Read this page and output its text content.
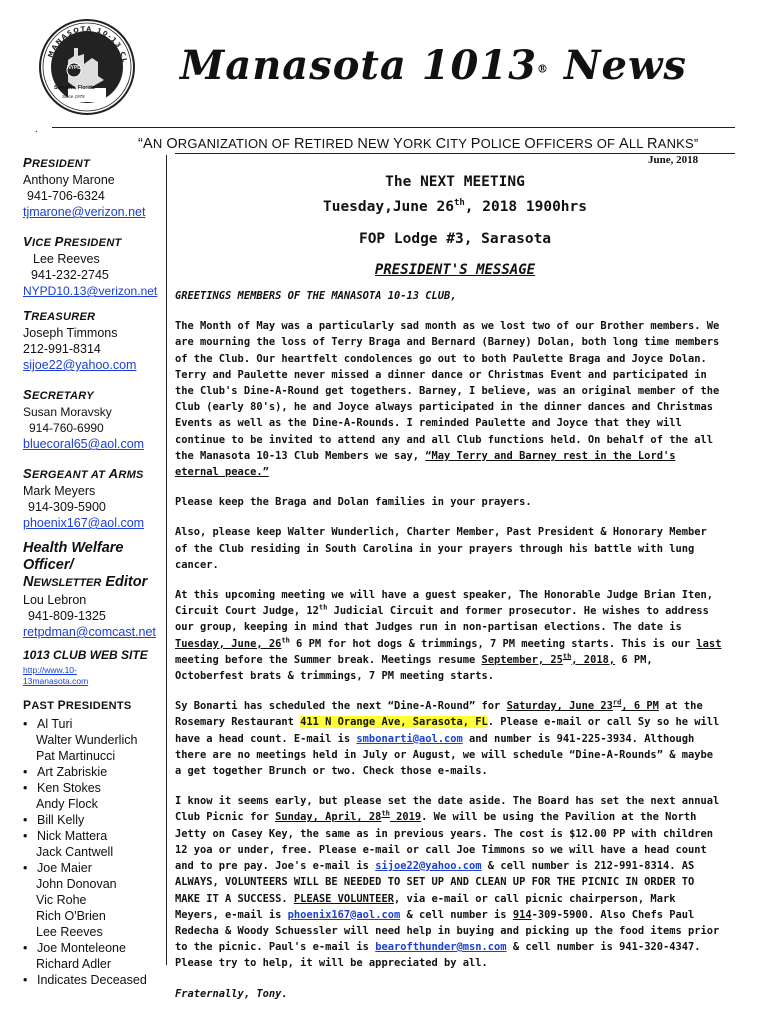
MANASOTA 10-13 CL
NYPD
Sarasota, Florida
Since 1979
Manasota 1013® News
.
“AN ORGANIZATION OF RETIRED NEW YORK CITY POLICE OFFICERS OF ALL RANKS”
June, 2018
PRESIDENT
Anthony Marone
941-706-6324
tjmarone@verizon.net
VICE PRESIDENT
Lee Reeves
941-232-2745
NYPD10.13@verizon.net
TREASURER
Joseph Timmons
212-991-8314
sijoe22@yahoo.com
SECRETARY
Susan Moravsky
914-760-6990
bluecoral65@aol.com
SERGEANT AT ARMS
Mark Meyers
914-309-5900
phoenix167@aol.com
Health Welfare
Officer/
NEWSLETTER Editor
Lou Lebron
941-809-1325
retpdman@comcast.net
1013 CLUB WEB SITE
http://www.10-
13manasota.com
PAST PRESIDENTS
• Al Turi
Walter Wunderlich
Pat Martinucci
• Art Zabriskie
• Ken Stokes
Andy Flock
• Bill Kelly
• Nick Mattera
Jack Cantwell
• Joe Maier
John Donovan
Vic Rohe
Rich O'Brien
Lee Reeves
• Joe Monteleone
Richard Adler
• Indicates Deceased
The NEXT MEETING
Tuesday,June 26th, 2018 1900hrs
FOP Lodge #3, Sarasota
PRESIDENT'S MESSAGE

GREETINGS MEMBERS OF THE MANASOTA 10-13 CLUB,

The Month of May was a particularly sad month as we lost two of our Brother members. We are mourning the loss of Terry Braga and Bernard (Barney) Dolan, both long time members of the Club. Our heartfelt condolences go out to both Paulette Braga and Joyce Dolan. Terry and Paulette never missed a dinner dance or Christmas Event and participated in the Club's Dine-A-Round get togethers. Barney, I believe, was an original member of the Club (early 80's), he and Joyce always participated in the dinner dances and Christmas Events as well as the Dine-A-Rounds. I reminded Paulette and Joyce that they will continue to be invited to attend any and all Club functions held. On behalf of the all the Manasota 10-13 Club Members we say, “May Terry and Barney rest in the Lord's eternal peace.”

Please keep the Braga and Dolan families in your prayers.

Also, please keep Walter Wunderlich, Charter Member, Past President & Honorary Member of the Club residing in South Carolina in your prayers through his battle with lung cancer.

At this upcoming meeting we will have a guest speaker, The Honorable Judge Brian Iten, Circuit Court Judge, 12th Judicial Circuit and former prosecutor. He wishes to address our group, keeping in mind that Judges run in non-partisan elections. The date is Tuesday, June, 26th 6 PM for hot dogs & trimmings, 7 PM meeting starts. This is our last meeting before the Summer break. Meetings resume September, 25th, 2018, 6 PM, Octoberfest brats & trimmings, 7 PM meeting starts.

Sy Bonarti has scheduled the next “Dine-A-Round” for Saturday, June 23rd, 6 PM at the Rosemary Restaurant 411 N Orange Ave, Sarasota, FL. Please e-mail or call Sy so he will have a head count. E-mail is smbonarti@aol.com and number is 941-225-3934. Although there are no meetings held in July or August, we will schedule “Dine-A-Rounds” & maybe a get together Brunch or two. Check those e-mails.

I know it seems early, but please set the date aside. The Board has set the next annual Club Picnic for Sunday, April, 28th 2019. We will be using the Pavilion at the North Jetty on Casey Key, the same as in previous years. The cost is $12.00 PP with children 12 yoa or under, free. Please e-mail or call Joe Timmons so we will have a head count and to pre pay. Joe's e-mail is sijoe22@yahoo.com & cell number is 212-991-8314. AS ALWAYS, VOLUNTEERS WILL BE NEEDED TO SET UP AND CLEAN UP FOR THE PICNIC IN ORDER TO MAKE IT A SUCCESS. PLEASE VOLUNTEER, via e-mail or call picnic chairperson, Mark Meyers, e-mail is phoenix167@aol.com & cell number is 914-309-5900. Also Chefs Paul Redecha & Woody Schuessler will need help in buying and picking up the food items prior to the picnic. Paul's e-mail is bearofthunder@msn.com & cell number is 941-320-4347. Please try to help, it will be appreciated by all.

Fraternally, Tony.
